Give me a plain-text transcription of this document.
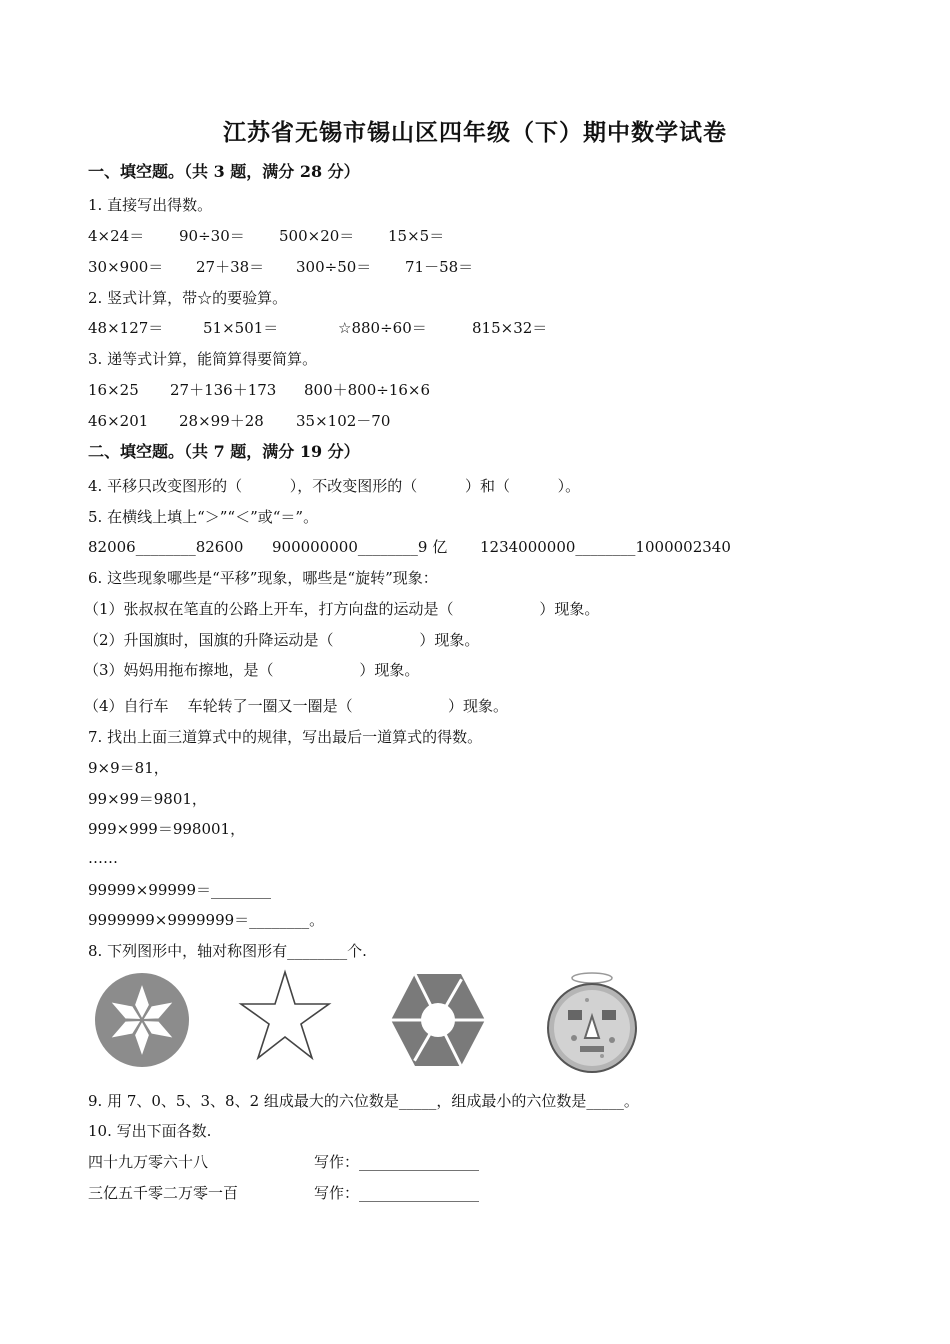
江苏省无锡市锡山区四年级（下）期中数学试卷
一、填空题。（共 3 题，满分 28 分）
1. 直接写出得数。
4×24＝ 90÷30＝ 500×20＝ 15×5＝
30×900＝ 27＋38＝ 300÷50＝ 71－58＝
2. 竖式计算，带☆的要验算。
48×127＝	51×501＝	☆880÷60＝	815×32＝
3. 递等式计算，能简算得要简算。
16×25 27＋136＋173 800＋800÷16×6
46×201 28×99＋28 35×102－70
二、填空题。（共 7 题，满分 19 分）
4. 平移只改变图形的（          ），不改变图形的（          ）和（          ）。
5. 在横线上填上“＞”“＜”或“＝”。
82006________82600 900000000________9 亿 1234000000________1000002340
6. 这些现象哪些是“平移”现象，哪些是“旋转”现象：
（1）张叔叔在笔直的公路上开车，打方向盘的运动是（                  ）现象。
（2）升国旗时，国旗的升降运动是（                  ）现象。
（3）妈妈用拖布擦地，是（                  ）现象。
（4）自行车    车轮转了一圈又一圈是（                    ）现象。
7. 找出上面三道算式中的规律，写出最后一道算式的得数。
9×9＝81，
99×99＝9801，
999×999＝998001，
……
99999×99999＝________
9999999×9999999＝________。
8. 下列图形中，轴对称图形有________个.
9. 用 7、0、5、3、8、2 组成最大的六位数是_____，组成最小的六位数是_____。
10. 写出下面各数.
四十九万零六十八	写作：________________
三亿五千零二万零一百	写作：________________
